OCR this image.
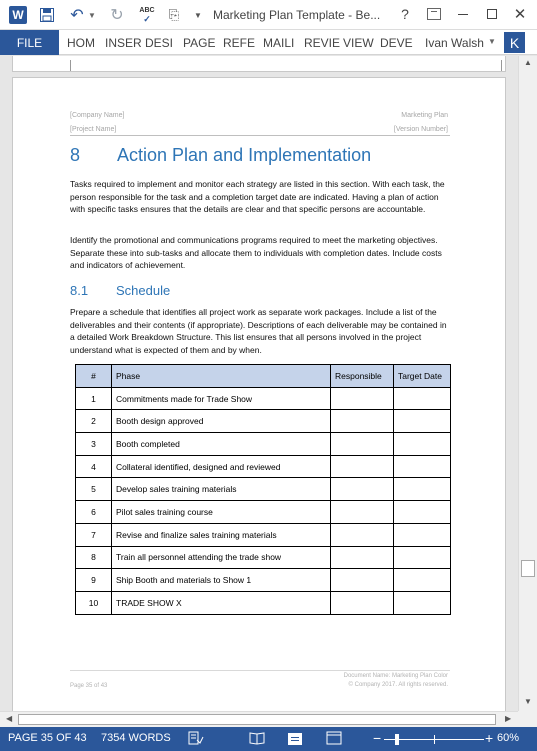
W	↶ ▼ ↻	ABC
✓ ⎘	▼ Marketing Plan Template - Be... ?	✕
FILE	HOM INSER DESI PAGE REFE MAILI REVIE VIEW DEVE Ivan Walsh ▼ K
[Company Name]
[Project Name]
Marketing Plan
[Version Number]
8 Action Plan and Implementation

Tasks required to implement and monitor each strategy are listed in this section. With each task, the person responsible for the task and a completion target date are indicated. Having a plan of action with specific tasks ensures that the details are clear and that specific persons are accountable.

Identify the promotional and communications programs required to meet the marketing objectives. Separate these into sub-tasks and allocate them to individuals with completion dates. Include costs and indicators of achievement.

8.1 Schedule

Prepare a schedule that identifies all project work as separate work packages. Include a list of the deliverables and their contents (if appropriate). Descriptions of each deliverable may be contained in a detailed Work Breakdown Structure. This list ensures that all persons involved in the project understand what is expected of them and by when.

#	Phase	Responsible	Target Date
1	Commitments made for Trade Show		
2	Booth design approved		
3	Booth completed		
4	Collateral identified, designed and reviewed		
5	Develop sales training materials		
6	Pilot sales training course		
7	Revise and finalize sales training materials		
8	Train all personnel attending the trade show		
9	Ship Booth and materials to Show 1		
10	TRADE SHOW X		
Page 35 of 43
Document Name: Marketing Plan Color
© Company 2017. All rights reserved.
▲
▼
◀	▶
PAGE 35 OF 43 7354 WORDS	−	+ 60%
